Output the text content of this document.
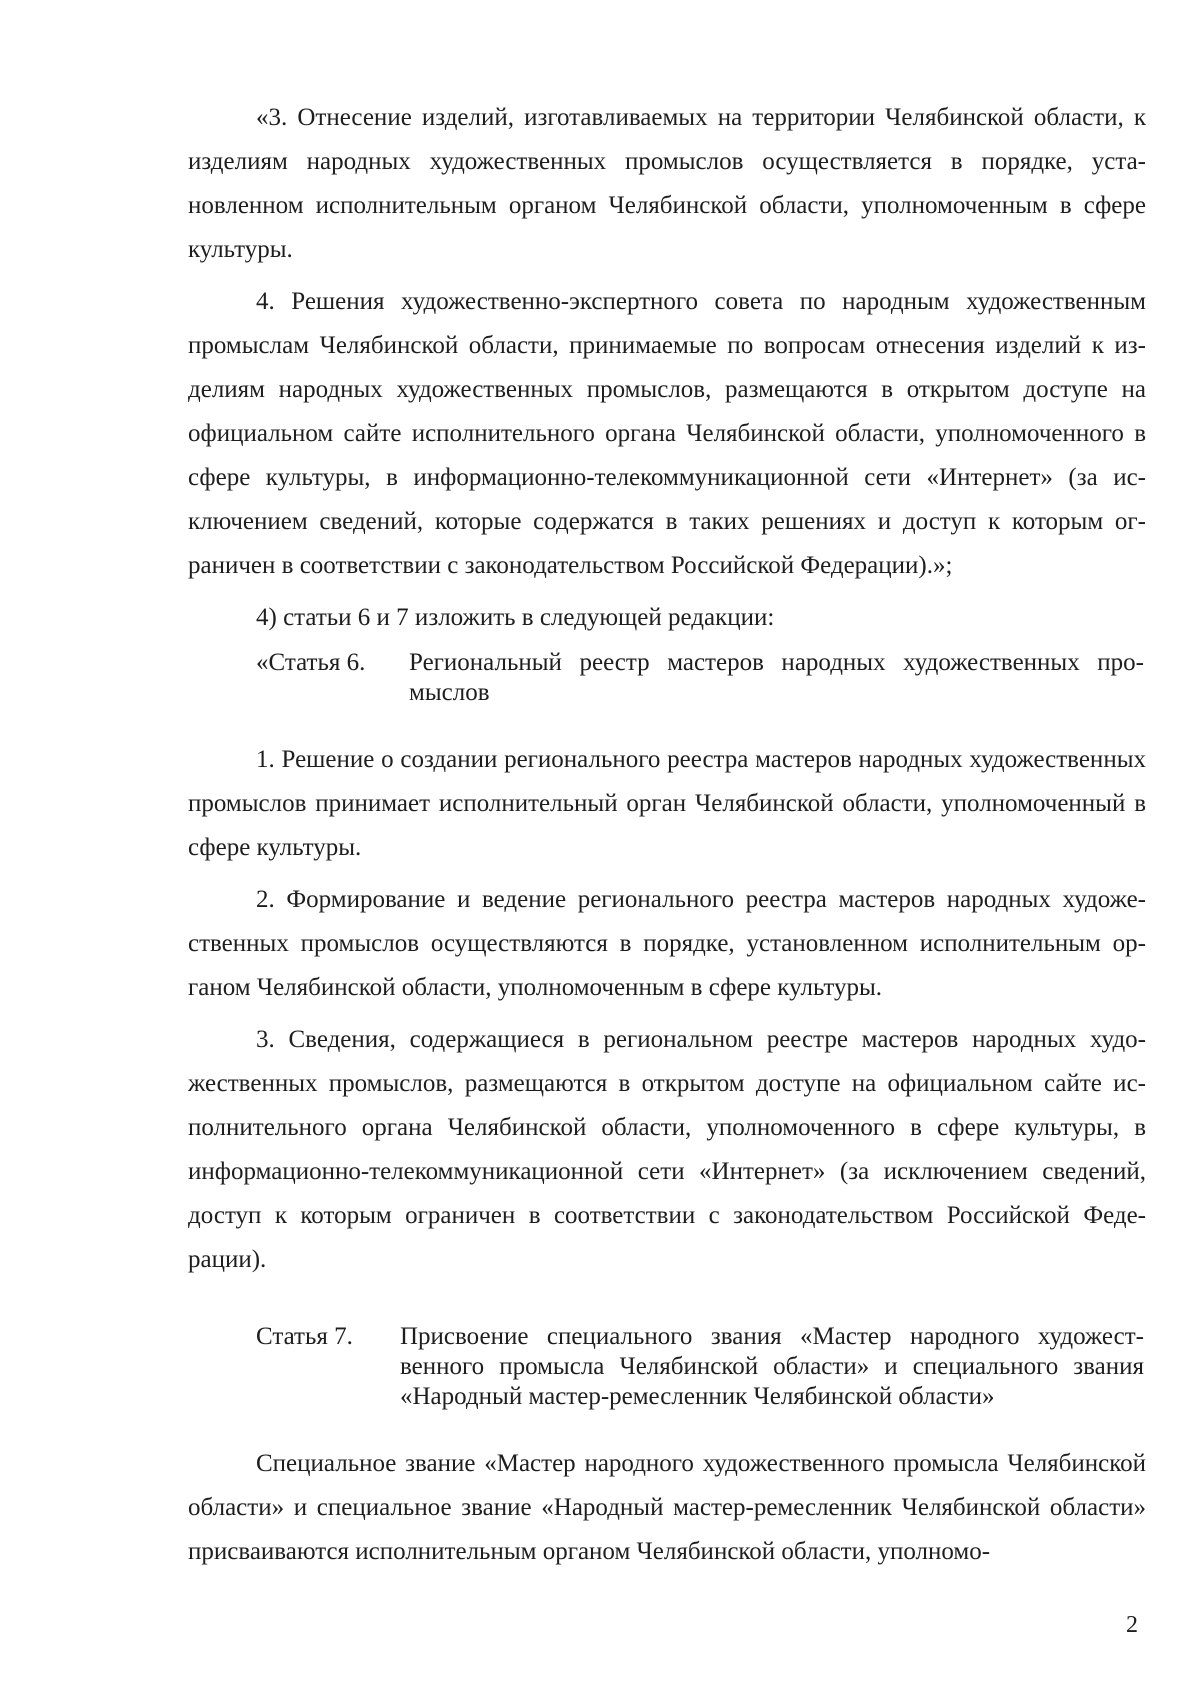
«3. Отнесение изделий, изготавливаемых на территории Челябинской области, к изделиям народных художественных промыслов осуществляется в порядке, установленном исполнительным органом Челябинской области, уполномоченным в сфере культуры.

4. Решения художественно-экспертного совета по народным художественным промыслам Челябинской области, принимаемые по вопросам отнесения изделий к изделиям народных художественных промыслов, размещаются в открытом доступе на официальном сайте исполнительного органа Челябинской области, уполномоченного в сфере культуры, в информационно-телекоммуникационной сети «Интернет» (за исключением сведений, которые содержатся в таких решениях и доступ к которым ограничен в соответствии с законодательством Российской Федерации).»;

4) статьи 6 и 7 изложить в следующей редакции:

«Статья 6.	Региональный реестр мастеров народных художественных промыслов

1. Решение о создании регионального реестра мастеров народных художественных промыслов принимает исполнительный орган Челябинской области, уполномоченный в сфере культуры.

2. Формирование и ведение регионального реестра мастеров народных художественных промыслов осуществляются в порядке, установленном исполнительным органом Челябинской области, уполномоченным в сфере культуры.

3. Сведения, содержащиеся в региональном реестре мастеров народных художественных промыслов, размещаются в открытом доступе на официальном сайте исполнительного органа Челябинской области, уполномоченного в сфере культуры, в информационно-телекоммуникационной сети «Интернет» (за исключением сведений, доступ к которым ограничен в соответствии с законодательством Российской Федерации).

Статья 7.	Присвоение специального звания «Мастер народного художественного промысла Челябинской области» и специального звания «Народный мастер-ремесленник Челябинской области»

Специальное звание «Мастер народного художественного промысла Челябинской области» и специальное звание «Народный мастер-ремесленник Челябинской области» присваиваются исполнительным органом Челябинской области, уполномо-

2
